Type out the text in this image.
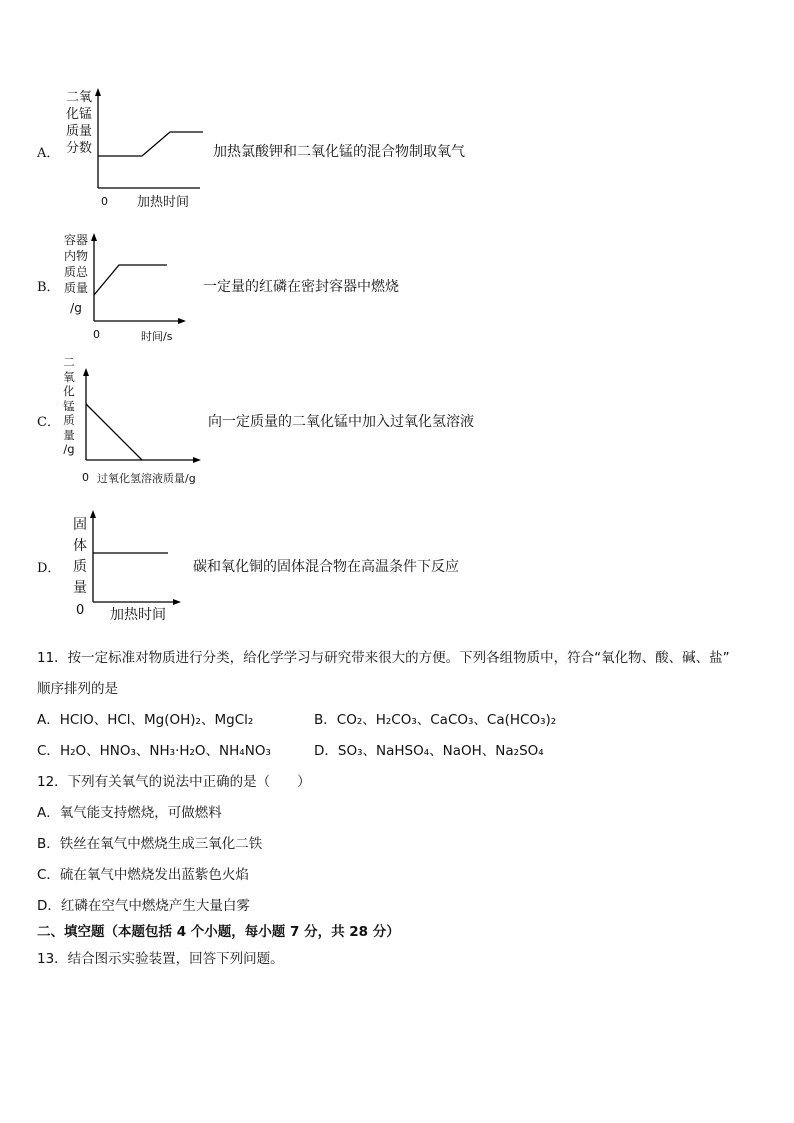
A．
二氧
化锰
质量
分数
0 加热时间
加热氯酸钾和二氧化锰的混合物制取氧气
B．
容器
内物
质总
质量
/g
0	时间/s
一定量的红磷在密封容器中燃烧
C．
二
氧
化
锰
质
量
/g
0 过氧化氢溶液质量/g
向一定质量的二氧化锰中加入过氧化氢溶液
D．
固
体
质
量
0 加热时间
碳和氧化铜的固体混合物在高温条件下反应
11．按一定标准对物质进行分类，给化学学习与研究带来很大的方便。下列各组物质中，符合“氧化物、酸、碱、盐”
顺序排列的是
A．HClO、HCl、Mg(OH)₂、MgCl₂	B．CO₂、H₂CO₃、CaCO₃、Ca(HCO₃)₂
C．H₂O、HNO₃、NH₃·H₂O、NH₄NO₃	D．SO₃、NaHSO₄、NaOH、Na₂SO₄
12．下列有关氧气的说法中正确的是（　　）
A．氧气能支持燃烧，可做燃料
B．铁丝在氧气中燃烧生成三氧化二铁
C．硫在氧气中燃烧发出蓝紫色火焰
D．红磷在空气中燃烧产生大量白雾
二、填空题（本题包括 4 个小题，每小题 7 分，共 28 分）
13．结合图示实验装置，回答下列问题。
